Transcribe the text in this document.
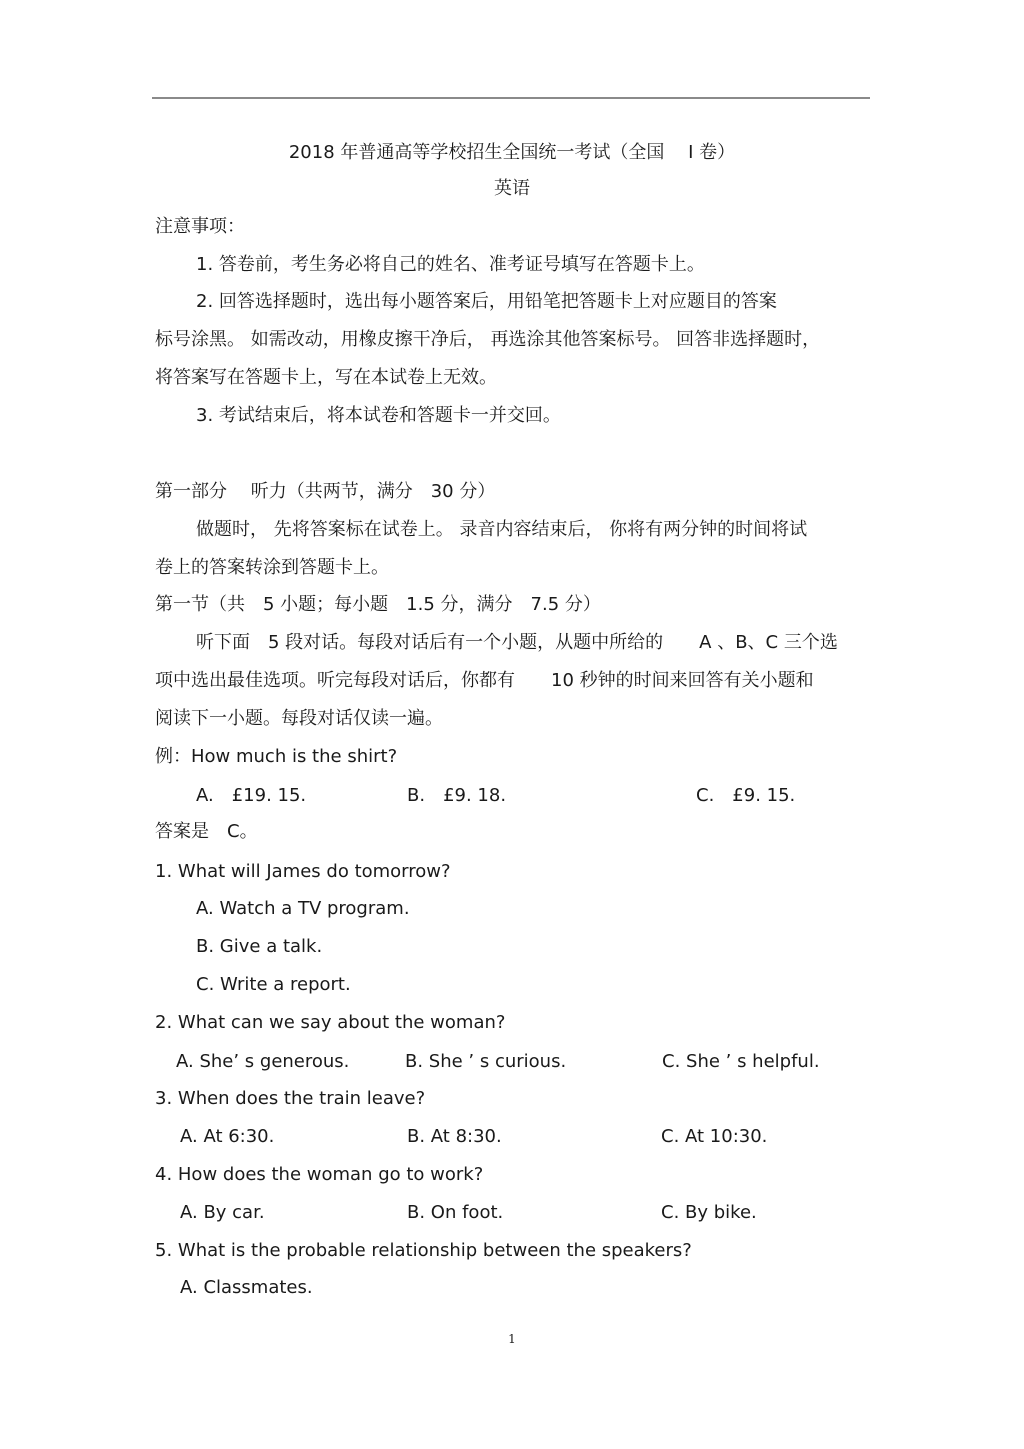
2018 年普通高等学校招生全国统一考试（全国　 I 卷）
英语
注意事项：
1. 答卷前，考生务必将自己的姓名、准考证号填写在答题卡上。
2. 回答选择题时，选出每小题答案后，用铅笔把答题卡上对应题目的答案
标号涂黑。 如需改动，用橡皮擦干净后， 再选涂其他答案标号。 回答非选择题时，
将答案写在答题卡上，写在本试卷上无效。
3. 考试结束后，将本试卷和答题卡一并交回。
第一部分　 听力（共两节，满分　30 分）
做题时， 先将答案标在试卷上。 录音内容结束后， 你将有两分钟的时间将试
卷上的答案转涂到答题卡上。
第一节（共　5 小题；每小题　1.5 分，满分　7.5 分）
听下面　5 段对话。每段对话后有一个小题，从题中所给的　　A 、B、C 三个选
项中选出最佳选项。听完每段对话后，你都有　　10 秒钟的时间来回答有关小题和
阅读下一小题。每段对话仅读一遍。
例：How much is the shirt?
A.　£19. 15.	B.　£9. 18.	C.　£9. 15.
答案是　C。
1. What will James do tomorrow?
A. Watch a TV program.
B. Give a talk.
C. Write a report.
2. What can we say about the woman?
A. She’ s generous.	B. She ’ s curious.	C. She ’ s helpful.
3. When does the train leave?
A. At 6:30.	B. At 8:30.	C. At 10:30.
4. How does the woman go to work?
A. By car.	B. On foot.	C. By bike.
5. What is the probable relationship between the speakers?
A. Classmates.
1
